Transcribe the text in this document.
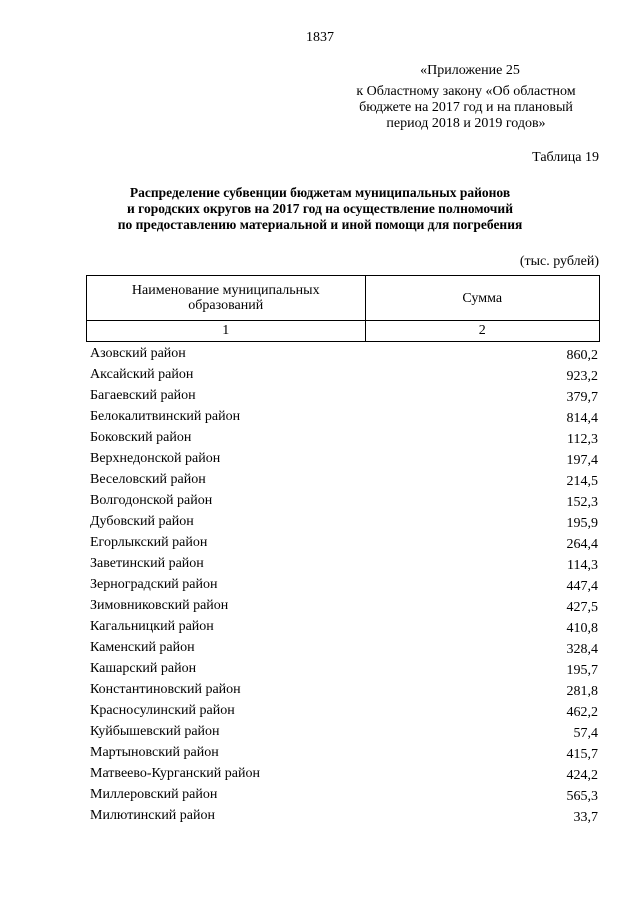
1837
«Приложение 25
к Областному закону «Об областном
бюджете на 2017 год и на плановый
период 2018 и 2019 годов»
Таблица 19
Распределение субвенции бюджетам муниципальных районов
и городских округов на 2017 год на осуществление полномочий
по предоставлению материальной и иной помощи для погребения
(тыс. рублей)
Наименование муниципальных
образований	Сумма
1	2
Азовский район	860,2
Аксайский район	923,2
Багаевский район	379,7
Белокалитвинский район	814,4
Боковский район	112,3
Верхнедонской район	197,4
Веселовский район	214,5
Волгодонской район	152,3
Дубовский район	195,9
Егорлыкский район	264,4
Заветинский район	114,3
Зерноградский район	447,4
Зимовниковский район	427,5
Кагальницкий район	410,8
Каменский район	328,4
Кашарский район	195,7
Константиновский район	281,8
Красносулинский район	462,2
Куйбышевский район	57,4
Мартыновский район	415,7
Матвеево-Курганский район	424,2
Миллеровский район	565,3
Милютинский район	33,7
